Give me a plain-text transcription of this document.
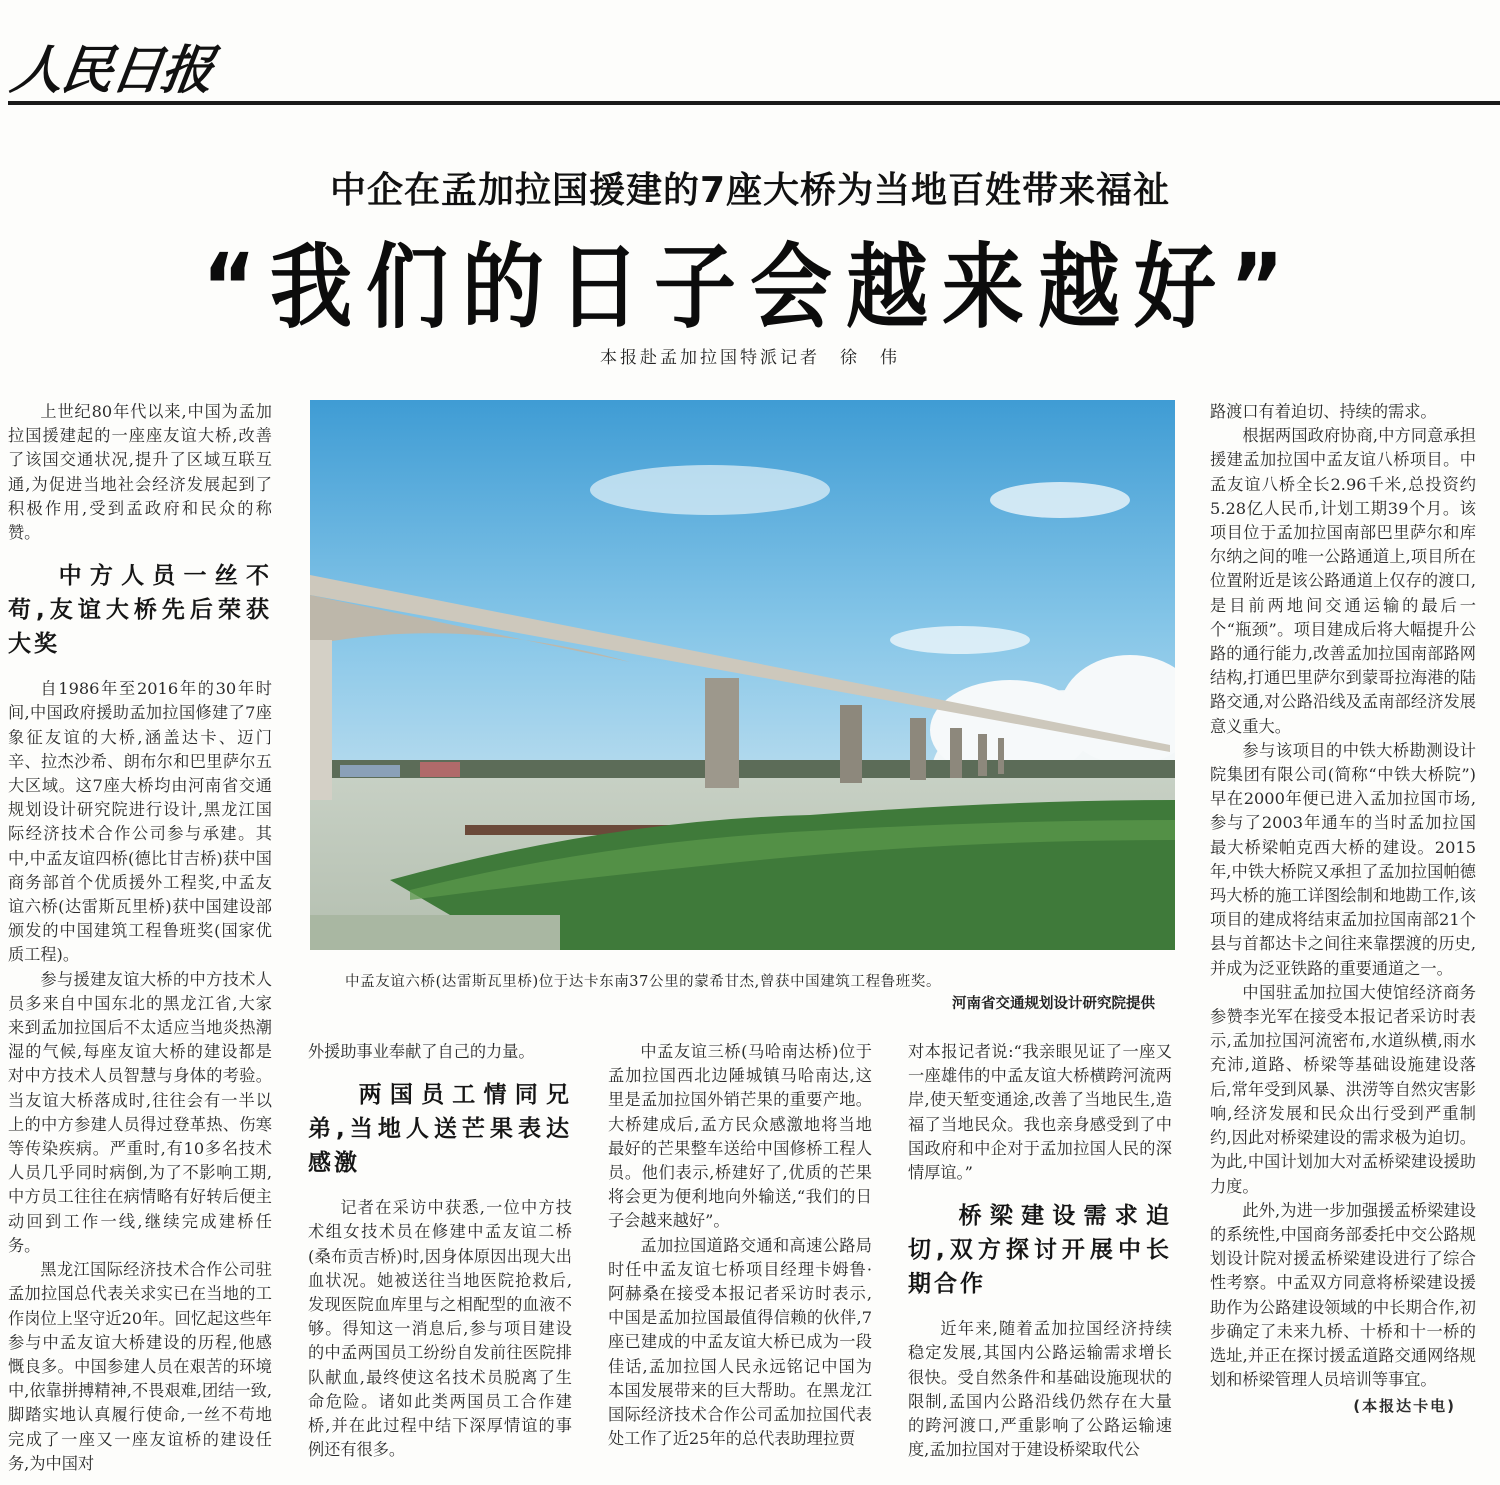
人民日报
中企在孟加拉国援建的7座大桥为当地百姓带来福祉
“我们的日子会越来越好”
本报赴孟加拉国特派记者　徐　伟

上世纪80年代以来,中国为孟加拉国援建起的一座座友谊大桥,改善了该国交通状况,提升了区域互联互通,为促进当地社会经济发展起到了积极作用,受到孟政府和民众的称赞。

中方人员一丝不苟,友谊大桥先后荣获大奖

自1986年至2016年的30年时间,中国政府援助孟加拉国修建了7座象征友谊的大桥,涵盖达卡、迈门辛、拉杰沙希、朗布尔和巴里萨尔五大区域。这7座大桥均由河南省交通规划设计研究院进行设计,黑龙江国际经济技术合作公司参与承建。其中,中孟友谊四桥(德比甘吉桥)获中国商务部首个优质援外工程奖,中孟友谊六桥(达雷斯瓦里桥)获中国建设部颁发的中国建筑工程鲁班奖(国家优质工程)。

参与援建友谊大桥的中方技术人员多来自中国东北的黑龙江省,大家来到孟加拉国后不太适应当地炎热潮湿的气候,每座友谊大桥的建设都是对中方技术人员智慧与身体的考验。当友谊大桥落成时,往往会有一半以上的中方参建人员得过登革热、伤寒等传染疾病。严重时,有10多名技术人员几乎同时病倒,为了不影响工期,中方员工往往在病情略有好转后便主动回到工作一线,继续完成建桥任务。

黑龙江国际经济技术合作公司驻孟加拉国总代表关求实已在当地的工作岗位上坚守近20年。回忆起这些年参与中孟友谊大桥建设的历程,他感慨良多。中国参建人员在艰苦的环境中,依靠拼搏精神,不畏艰难,团结一致,脚踏实地认真履行使命,一丝不苟地完成了一座又一座友谊桥的建设任务,为中国对

中孟友谊六桥(达雷斯瓦里桥)位于达卡东南37公里的蒙希甘杰,曾获中国建筑工程鲁班奖。
河南省交通规划设计研究院提供

外援助事业奉献了自己的力量。

两国员工情同兄弟,当地人送芒果表达感激

记者在采访中获悉,一位中方技术组女技术员在修建中孟友谊二桥(桑布贡吉桥)时,因身体原因出现大出血状况。她被送往当地医院抢救后,发现医院血库里与之相配型的血液不够。得知这一消息后,参与项目建设的中孟两国员工纷纷自发前往医院排队献血,最终使这名技术员脱离了生命危险。诸如此类两国员工合作建桥,并在此过程中结下深厚情谊的事例还有很多。

中孟友谊三桥(马哈南达桥)位于孟加拉国西北边陲城镇马哈南达,这里是孟加拉国外销芒果的重要产地。大桥建成后,孟方民众感激地将当地最好的芒果整车送给中国修桥工程人员。他们表示,桥建好了,优质的芒果将会更为便利地向外输送,“我们的日子会越来越好”。

孟加拉国道路交通和高速公路局时任中孟友谊七桥项目经理卡姆鲁·阿赫桑在接受本报记者采访时表示,中国是孟加拉国最值得信赖的伙伴,7座已建成的中孟友谊大桥已成为一段佳话,孟加拉国人民永远铭记中国为本国发展带来的巨大帮助。在黑龙江国际经济技术合作公司孟加拉国代表处工作了近25年的总代表助理拉贾

对本报记者说:“我亲眼见证了一座又一座雄伟的中孟友谊大桥横跨河流两岸,使天堑变通途,改善了当地民生,造福了当地民众。我也亲身感受到了中国政府和中企对于孟加拉国人民的深情厚谊。”

桥梁建设需求迫切,双方探讨开展中长期合作

近年来,随着孟加拉国经济持续稳定发展,其国内公路运输需求增长很快。受自然条件和基础设施现状的限制,孟国内公路沿线仍然存在大量的跨河渡口,严重影响了公路运输速度,孟加拉国对于建设桥梁取代公

路渡口有着迫切、持续的需求。

根据两国政府协商,中方同意承担援建孟加拉国中孟友谊八桥项目。中孟友谊八桥全长2.96千米,总投资约5.28亿人民币,计划工期39个月。该项目位于孟加拉国南部巴里萨尔和库尔纳之间的唯一公路通道上,项目所在位置附近是该公路通道上仅存的渡口,是目前两地间交通运输的最后一个“瓶颈”。项目建成后将大幅提升公路的通行能力,改善孟加拉国南部路网结构,打通巴里萨尔到蒙哥拉海港的陆路交通,对公路沿线及孟南部经济发展意义重大。

参与该项目的中铁大桥勘测设计院集团有限公司(简称“中铁大桥院”)早在2000年便已进入孟加拉国市场,参与了2003年通车的当时孟加拉国最大桥梁帕克西大桥的建设。2015年,中铁大桥院又承担了孟加拉国帕德玛大桥的施工详图绘制和地勘工作,该项目的建成将结束孟加拉国南部21个县与首都达卡之间往来靠摆渡的历史,并成为泛亚铁路的重要通道之一。

中国驻孟加拉国大使馆经济商务参赞李光军在接受本报记者采访时表示,孟加拉国河流密布,水道纵横,雨水充沛,道路、桥梁等基础设施建设落后,常年受到风暴、洪涝等自然灾害影响,经济发展和民众出行受到严重制约,因此对桥梁建设的需求极为迫切。为此,中国计划加大对孟桥梁建设援助力度。

此外,为进一步加强援孟桥梁建设的系统性,中国商务部委托中交公路规划设计院对援孟桥梁建设进行了综合性考察。中孟双方同意将桥梁建设援助作为公路建设领域的中长期合作,初步确定了未来九桥、十桥和十一桥的选址,并正在探讨援孟道路交通网络规划和桥梁管理人员培训等事宜。

(本报达卡电)
